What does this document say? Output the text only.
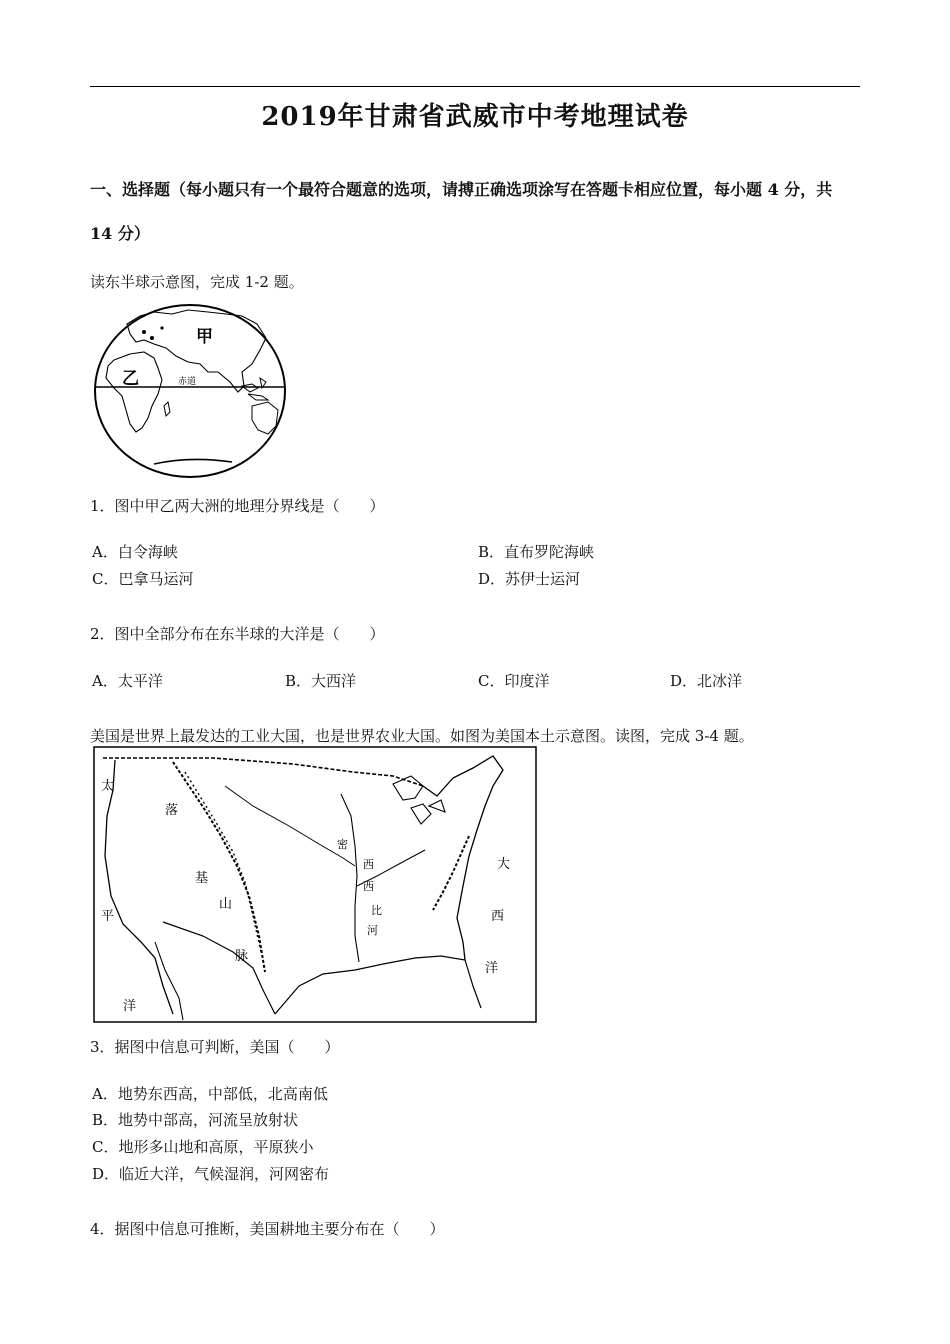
2019年甘肃省武威市中考地理试卷
一、选择题（每小题只有一个最符合题意的选项，请搏正确选项涂写在答题卡相应位置，每小题 4 分，共 14 分）
读东半球示意图，完成 1-2 题。
甲
乙	赤道
1．图中甲乙两大洲的地理分界线是（　　）
A．白令海峡	B．直布罗陀海峡
C．巴拿马运河	D．苏伊士运河
2．图中全部分布在东半球的大洋是（　　）
A．太平洋	B．大西洋	C．印度洋	D．北冰洋
美国是世界上最发达的工业大国，也是世界农业大国。如图为美国本土示意图。读图，完成 3-4 题。
太
平
洋
落
基
山
脉
密
西
西
比
河
大
西
洋
3．据图中信息可判断，美国（　　）
A．地势东西高，中部低，北高南低
B．地势中部高，河流呈放射状
C．地形多山地和高原，平原狭小
D．临近大洋，气候湿润，河网密布
4．据图中信息可推断，美国耕地主要分布在（　　）
